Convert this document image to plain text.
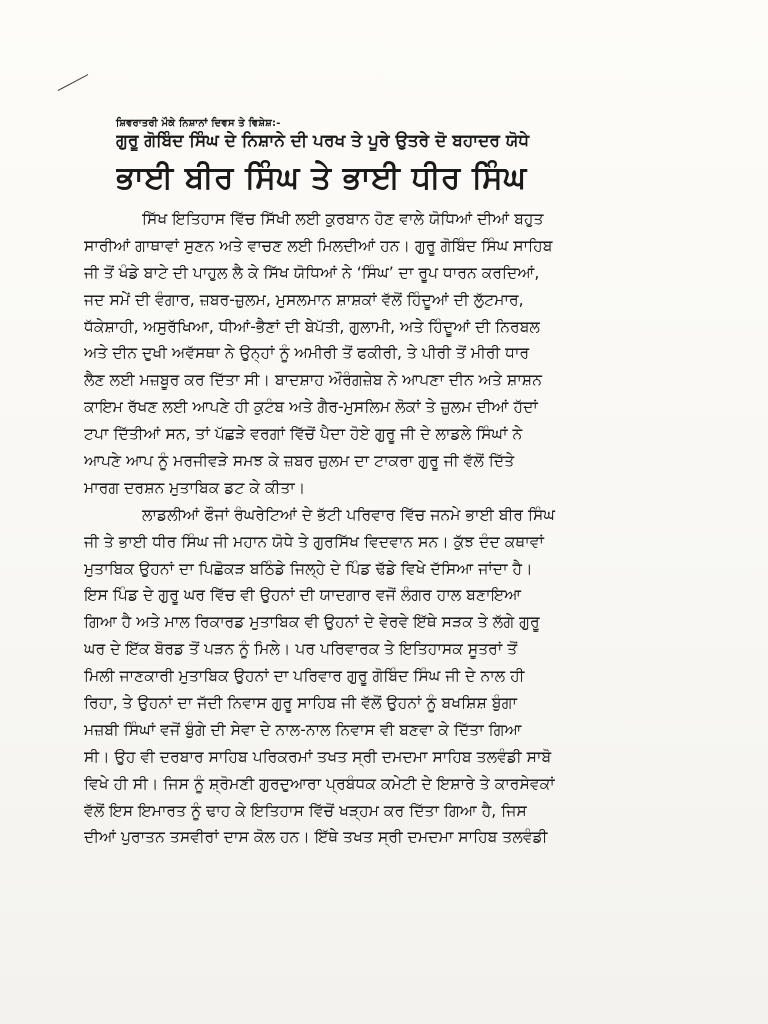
ਸ਼ਿਵਰਾਤਰੀ ਮੌਕੇ ਨਿਸ਼ਾਨਾਂ ਦਿਵਸ ਤੇ ਵਿਸ਼ੇਸ਼:-
ਗੁਰੂ ਗੋਬਿੰਦ ਸਿੰਘ ਦੇ ਨਿਸ਼ਾਨੇ ਦੀ ਪਰਖ ਤੇ ਪੂਰੇ ਉਤਰੇ ਦੋ ਬਹਾਦਰ ਯੋਧੇ
ਭਾਈ ਬੀਰ ਸਿੰਘ ਤੇ ਭਾਈ ਧੀਰ ਸਿੰਘ
ਸਿੱਖ ਇਤਿਹਾਸ ਵਿੱਚ ਸਿੱਖੀ ਲਈ ਕੁਰਬਾਨ ਹੋਣ ਵਾਲੇ ਯੋਧਿਆਂ ਦੀਆਂ ਬਹੁਤ
ਸਾਰੀਆਂ ਗਾਥਾਵਾਂ ਸੁਣਨ ਅਤੇ ਵਾਚਣ ਲਈ ਮਿਲਦੀਆਂ ਹਨ। ਗੁਰੂ ਗੋਬਿੰਦ ਸਿੰਘ ਸਾਹਿਬ
ਜੀ ਤੋਂ ਖੰਡੇ ਬਾਟੇ ਦੀ ਪਾਹੁਲ ਲੈ ਕੇ ਸਿੱਖ ਯੋਧਿਆਂ ਨੇ ‘ਸਿੰਘ’ ਦਾ ਰੂਪ ਧਾਰਨ ਕਰਦਿਆਂ,
ਜਦ ਸਮੇਂ ਦੀ ਵੰਗਾਰ, ਜ਼ਬਰ-ਜ਼ੁਲਮ, ਮੁਸਲਮਾਨ ਸ਼ਾਸ਼ਕਾਂ ਵੱਲੋਂ ਹਿੰਦੂਆਂ ਦੀ ਲੁੱਟਮਾਰ,
ਧੱਕੇਸ਼ਾਹੀ, ਅਸੁਰੱਖਿਆ, ਧੀਆਂ-ਭੈਣਾਂ ਦੀ ਬੇਪੱਤੀ, ਗੁਲਾਮੀ, ਅਤੇ ਹਿੰਦੂਆਂ ਦੀ ਨਿਰਬਲ
ਅਤੇ ਦੀਨ ਦੁਖੀ ਅਵੱਸਥਾ ਨੇ ਉਨ੍ਹਾਂ ਨੂੰ ਅਮੀਰੀ ਤੋਂ ਫਕੀਰੀ, ਤੇ ਪੀਰੀ ਤੋਂ ਮੀਰੀ ਧਾਰ
ਲੈਣ ਲਈ ਮਜ਼ਬੂਰ ਕਰ ਦਿੱਤਾ ਸੀ। ਬਾਦਸ਼ਾਹ ਔਰੰਗਜ਼ੇਬ ਨੇ ਆਪਣਾ ਦੀਨ ਅਤੇ ਸ਼ਾਸ਼ਨ
ਕਾਇਮ ਰੱਖਣ ਲਈ ਆਪਣੇ ਹੀ ਕੁਟੰਬ ਅਤੇ ਗੈਰ-ਮੁਸਲਿਮ ਲੋਕਾਂ ਤੇ ਜ਼ੁਲਮ ਦੀਆਂ ਹੱਦਾਂ
ਟਪਾ ਦਿੱਤੀਆਂ ਸਨ, ਤਾਂ ਪੱਛੜੇ ਵਰਗਾਂ ਵਿੱਚੋਂ ਪੈਦਾ ਹੋਏ ਗੁਰੂ ਜੀ ਦੇ ਲਾਡਲੇ ਸਿੰਘਾਂ ਨੇ
ਆਪਣੇ ਆਪ ਨੂੰ ਮਰਜੀਵੜੇ ਸਮਝ ਕੇ ਜ਼ਬਰ ਜ਼ੁਲਮ ਦਾ ਟਾਕਰਾ ਗੁਰੂ ਜੀ ਵੱਲੋਂ ਦਿੱਤੇ
ਮਾਰਗ ਦਰਸ਼ਨ ਮੁਤਾਬਿਕ ਡਟ ਕੇ ਕੀਤਾ।
ਲਾਡਲੀਆਂ ਫੌਜਾਂ ਰੰਘਰੇਟਿਆਂ ਦੇ ਭੱਟੀ ਪਰਿਵਾਰ ਵਿੱਚ ਜਨਮੇ ਭਾਈ ਬੀਰ ਸਿੰਘ
ਜੀ ਤੇ ਭਾਈ ਧੀਰ ਸਿੰਘ ਜੀ ਮਹਾਨ ਯੋਧੇ ਤੇ ਗੁਰਸਿੱਖ ਵਿਦਵਾਨ ਸਨ। ਕੁੱਝ ਦੰਦ ਕਥਾਵਾਂ
ਮੁਤਾਬਿਕ ਉਹਨਾਂ ਦਾ ਪਿਛੋਕੜ ਬਠਿੰਡੇ ਜਿਲ੍ਹੇ ਦੇ ਪਿੰਡ ਢੱਡੇ ਵਿਖੇ ਦੱਸਿਆ ਜਾਂਦਾ ਹੈ।
ਇਸ ਪਿੰਡ ਦੇ ਗੁਰੂ ਘਰ ਵਿੱਚ ਵੀ ਉਹਨਾਂ ਦੀ ਯਾਦਗਾਰ ਵਜੋਂ ਲੰਗਰ ਹਾਲ ਬਣਾਇਆ
ਗਿਆ ਹੈ ਅਤੇ ਮਾਲ ਰਿਕਾਰਡ ਮੁਤਾਬਿਕ ਵੀ ਉਹਨਾਂ ਦੇ ਵੇਰਵੇ ਇੱਥੇ ਸੜਕ ਤੇ ਲੱਗੇ ਗੁਰੂ
ਘਰ ਦੇ ਇੱਕ ਬੋਰਡ ਤੋਂ ਪੜਨ ਨੂੰ ਮਿਲੇ। ਪਰ ਪਰਿਵਾਰਕ ਤੇ ਇਤਿਹਾਸਕ ਸੂਤਰਾਂ ਤੋਂ
ਮਿਲੀ ਜਾਣਕਾਰੀ ਮੁਤਾਬਿਕ ਉਹਨਾਂ ਦਾ ਪਰਿਵਾਰ ਗੁਰੂ ਗੋਬਿੰਦ ਸਿੰਘ ਜੀ ਦੇ ਨਾਲ ਹੀ
ਰਿਹਾ, ਤੇ ਉਹਨਾਂ ਦਾ ਜੱਦੀ ਨਿਵਾਸ ਗੁਰੂ ਸਾਹਿਬ ਜੀ ਵੱਲੋਂ ਉਹਨਾਂ ਨੂੰ ਬਖਸ਼ਿਸ਼ ਬੁੰਗਾ
ਮਜ਼ਬੀ ਸਿੰਘਾਂ ਵਜੋਂ ਬੁੰਗੇ ਦੀ ਸੇਵਾ ਦੇ ਨਾਲ-ਨਾਲ ਨਿਵਾਸ ਵੀ ਬਣਵਾ ਕੇ ਦਿੱਤਾ ਗਿਆ
ਸੀ। ਉਹ ਵੀ ਦਰਬਾਰ ਸਾਹਿਬ ਪਰਿਕਰਮਾਂ ਤਖਤ ਸ੍ਰੀ ਦਮਦਮਾ ਸਾਹਿਬ ਤਲਵੰਡੀ ਸਾਬੋ
ਵਿਖੇ ਹੀ ਸੀ। ਜਿਸ ਨੂੰ ਸ਼੍ਰੋਮਣੀ ਗੁਰਦੁਆਰਾ ਪ੍ਰਬੰਧਕ ਕਮੇਟੀ ਦੇ ਇਸ਼ਾਰੇ ਤੇ ਕਾਰਸੇਵਕਾਂ
ਵੱਲੋਂ ਇਸ ਇਮਾਰਤ ਨੂੰ ਢਾਹ ਕੇ ਇਤਿਹਾਸ ਵਿੱਚੋਂ ਖੜ੍ਹਮ ਕਰ ਦਿੱਤਾ ਗਿਆ ਹੈ, ਜਿਸ
ਦੀਆਂ ਪੁਰਾਤਨ ਤਸਵੀਰਾਂ ਦਾਸ ਕੋਲ ਹਨ। ਇੱਥੇ ਤਖਤ ਸ੍ਰੀ ਦਮਦਮਾ ਸਾਹਿਬ ਤਲਵੰਡੀ
